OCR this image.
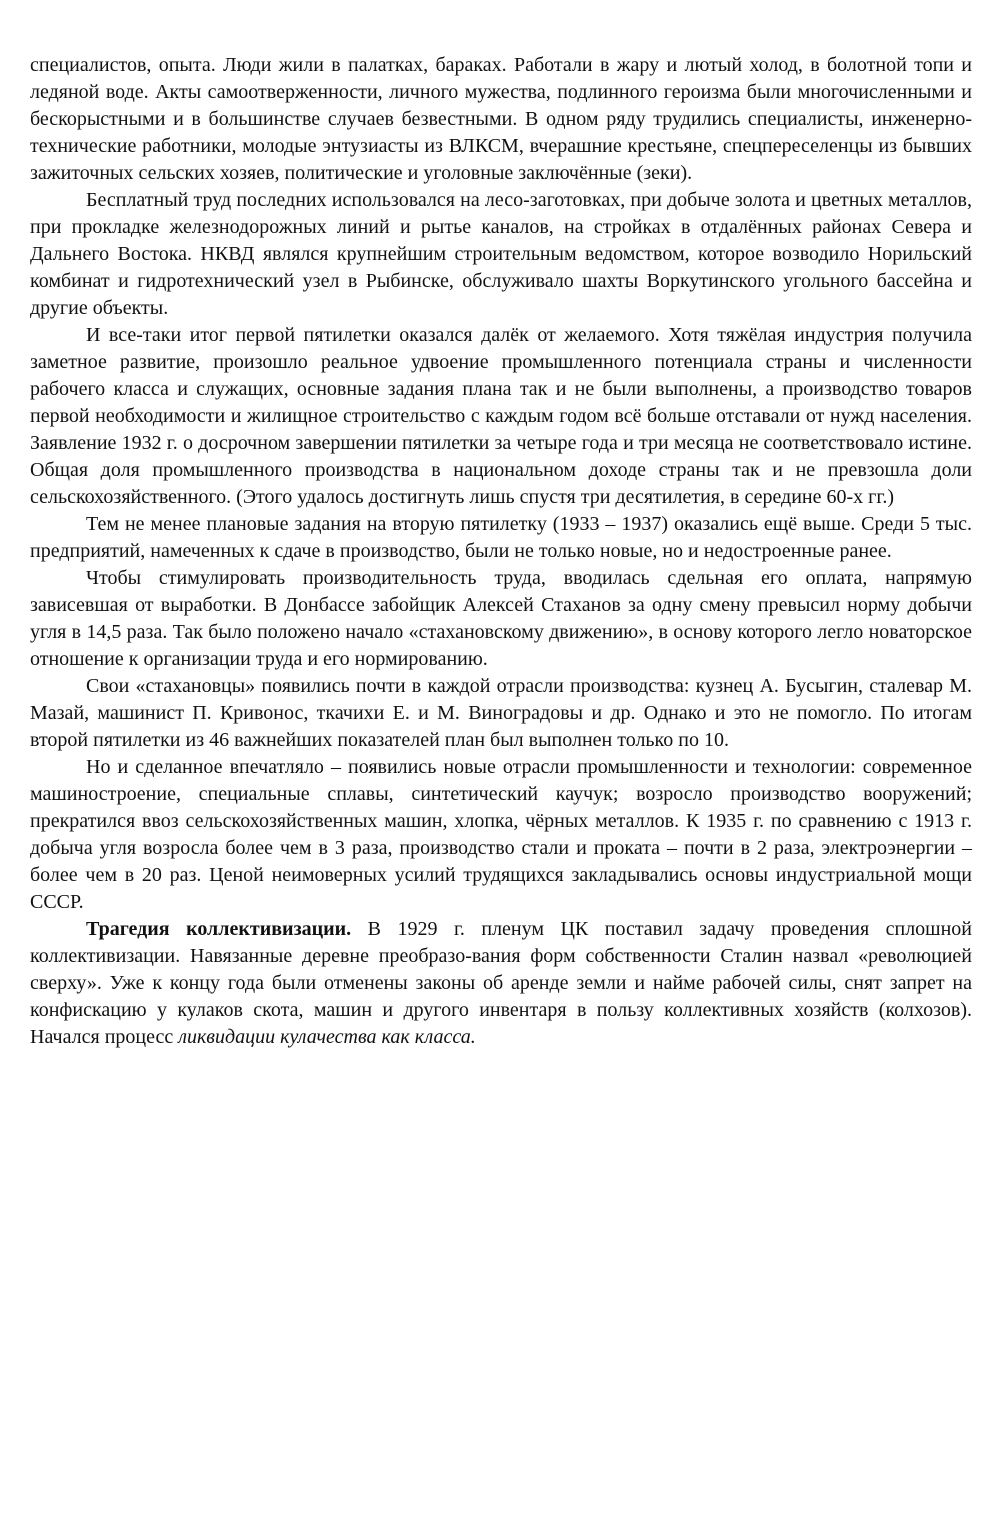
специалистов, опыта. Люди жили в палатках, бараках. Работали в жару и лютый холод, в болотной топи и ледяной воде. Акты самоотверженности, личного мужества, подлинного героизма были многочисленными и бескорыстными и в большинстве случаев безвестными. В одном ряду трудились специалисты, инженерно-технические работники, молодые энтузиасты из ВЛКСМ, вчерашние крестьяне, спецпереселенцы из бывших зажиточных сельских хозяев, политические и уголовные заключённые (зеки).

Бесплатный труд последних использовался на лесо-заготовках, при добыче золота и цветных металлов, при прокладке железнодорожных линий и рытье каналов, на стройках в отдалённых районах Севера и Дальнего Востока. НКВД являлся крупнейшим строительным ведомством, которое возводило Норильский комбинат и гидротехнический узел в Рыбинске, обслуживало шахты Воркутинского угольного бассейна и другие объекты.

И все-таки итог первой пятилетки оказался далёк от желаемого. Хотя тяжёлая индустрия получила заметное развитие, произошло реальное удвоение промышленного потенциала страны и численности рабочего класса и служащих, основные задания плана так и не были выполнены, а производство товаров первой необходимости и жилищное строительство с каждым годом всё больше отставали от нужд населения. Заявление 1932 г. о досрочном завершении пятилетки за четыре года и три месяца не соответствовало истине. Общая доля промышленного производства в национальном доходе страны так и не превзошла доли сельскохозяйственного. (Этого удалось достигнуть лишь спустя три десятилетия, в середине 60-х гг.)

Тем не менее плановые задания на вторую пятилетку (1933 – 1937) оказались ещё выше. Среди 5 тыс. предприятий, намеченных к сдаче в производство, были не только новые, но и недостроенные ранее.

Чтобы стимулировать производительность труда, вводилась сдельная его оплата, напрямую зависевшая от выработки. В Донбассе забойщик Алексей Стаханов за одну смену превысил норму добычи угля в 14,5 раза. Так было положено начало «стахановскому движению», в основу которого легло новаторское отношение к организации труда и его нормированию.

Свои «стахановцы» появились почти в каждой отрасли производства: кузнец А. Бусыгин, сталевар М. Мазай, машинист П. Кривонос, ткачихи Е. и М. Виноградовы и др. Однако и это не помогло. По итогам второй пятилетки из 46 важнейших показателей план был выполнен только по 10.

Но и сделанное впечатляло – появились новые отрасли промышленности и технологии: современное машиностроение, специальные сплавы, синтетический каучук; возросло производство вооружений; прекратился ввоз сельскохозяйственных машин, хлопка, чёрных металлов. К 1935 г. по сравнению с 1913 г. добыча угля возросла более чем в 3 раза, производство стали и проката – почти в 2 раза, электроэнергии – более чем в 20 раз. Ценой неимоверных усилий трудящихся закладывались основы индустриальной мощи СССР.

Трагедия коллективизации. В 1929 г. пленум ЦК поставил задачу проведения сплошной коллективизации. Навязанные деревне преобразо-вания форм собственности Сталин назвал «революцией сверху». Уже к концу года были отменены законы об аренде земли и найме рабочей силы, снят запрет на конфискацию у кулаков скота, машин и другого инвентаря в пользу коллективных хозяйств (колхозов). Начался процесс ликвидации кулачества как класса.
